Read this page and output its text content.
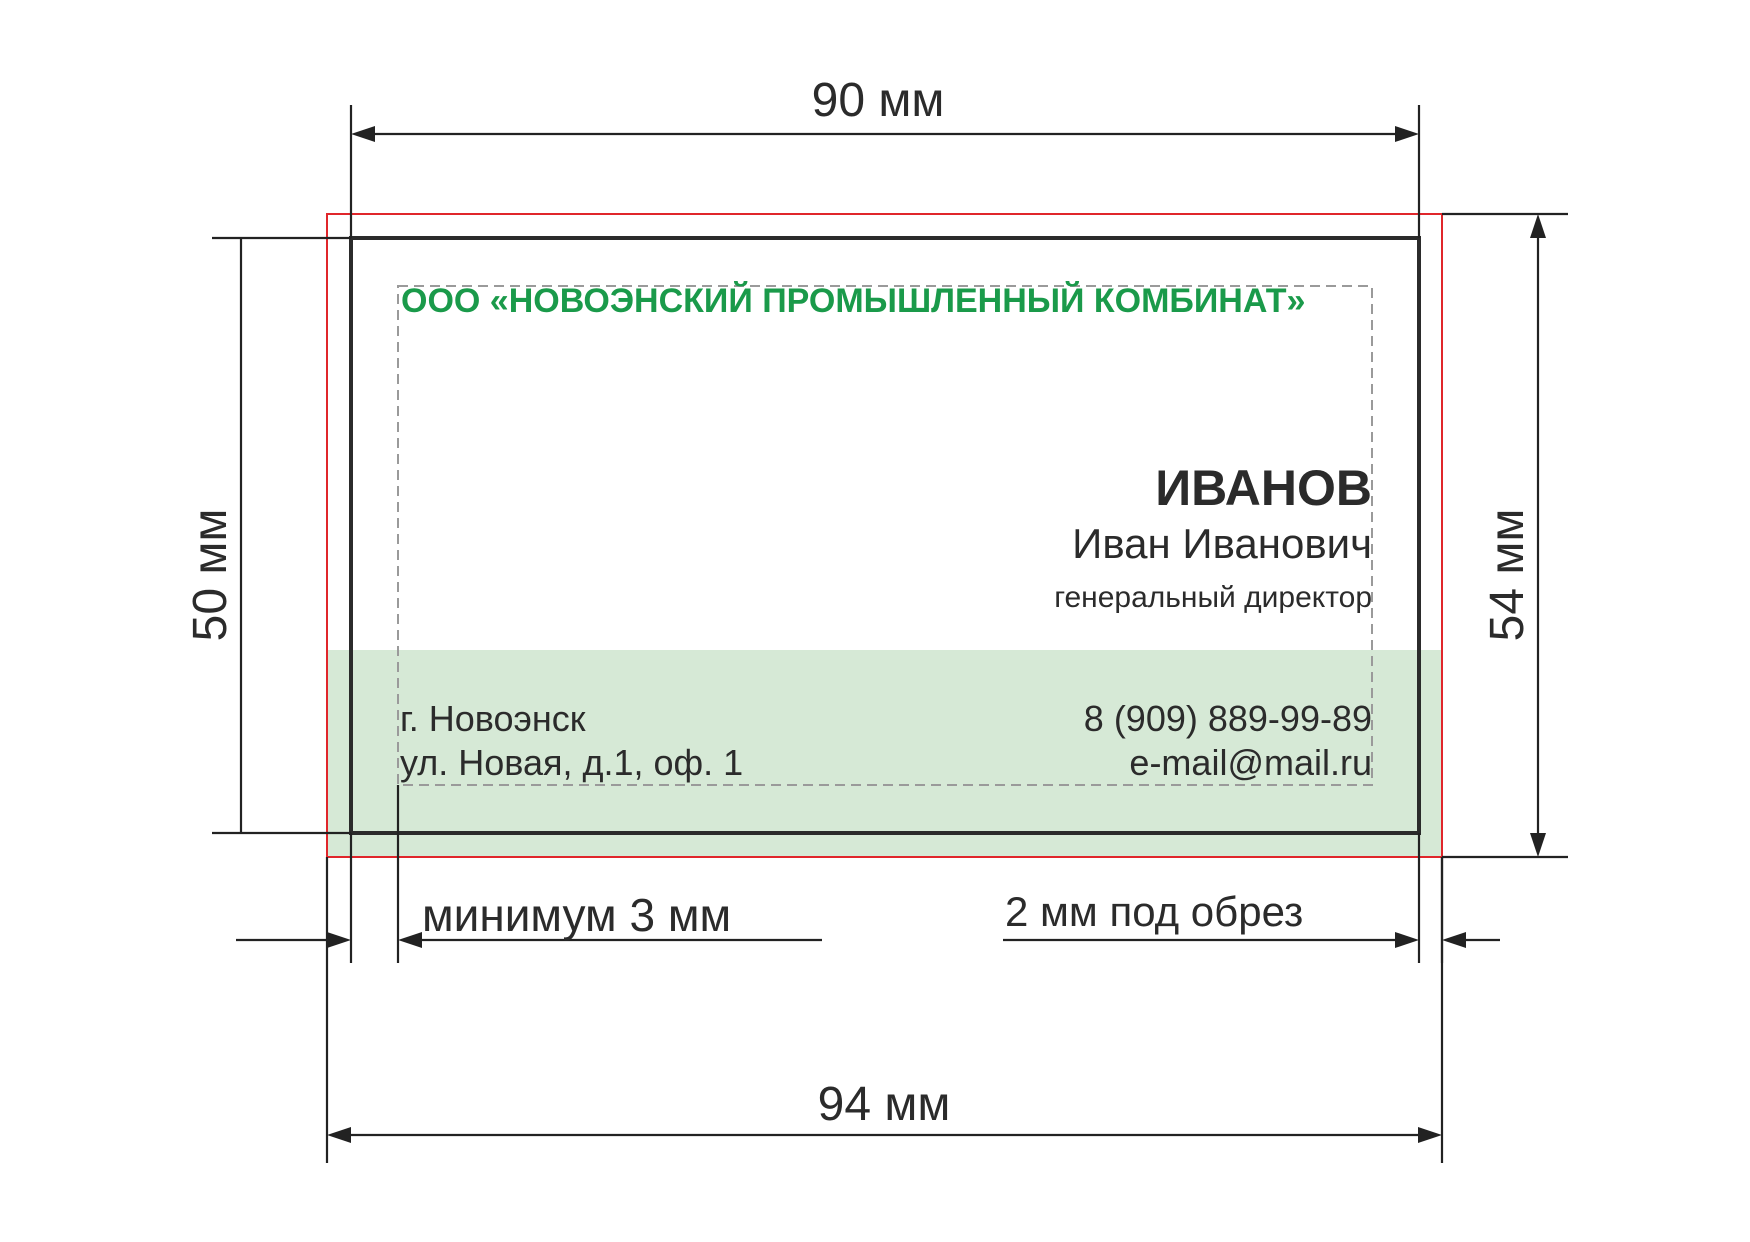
ООО «НОВОЭНСКИЙ ПРОМЫШЛЕННЫЙ КОМБИНАТ»
ИВАНОВ
Иван Иванович
генеральный директор
г. Новоэнск
ул. Новая, д.1, оф. 1
8 (909) 889-99-89
e-mail@mail.ru
90 мм
50 мм	54 мм
минимум 3 мм	2 мм под обрез
94 мм
